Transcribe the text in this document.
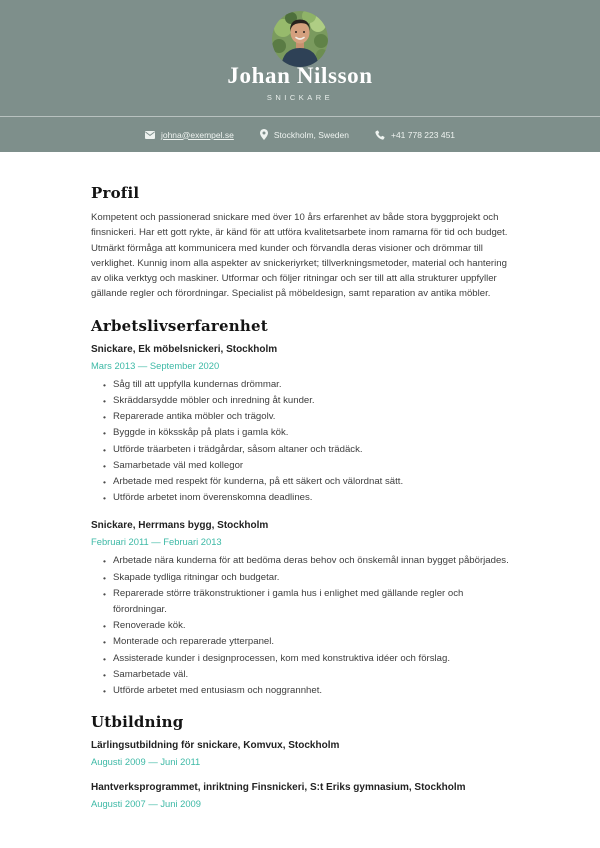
Johan Nilsson
SNICKARE
johna@exempel.se	Stockholm, Sweden	+41 778 223 451
Profil
Kompetent och passionerad snickare med över 10 års erfarenhet av både stora byggprojekt och finsnickeri. Har ett gott rykte, är känd för att utföra kvalitetsarbete inom ramarna för tid och budget. Utmärkt förmåga att kommunicera med kunder och förvandla deras visioner och drömmar till verklighet. Kunnig inom alla aspekter av snickeriyrket; tillverkningsmetoder, material och hantering av olika verktyg och maskiner. Utformar och följer ritningar och ser till att alla strukturer uppfyller gällande regler och förordningar. Specialist på möbeldesign, samt reparation av antika möbler.
Arbetslivserfarenhet
Snickare, Ek möbelsnickeri, Stockholm
Mars 2013 — September 2020
• Såg till att uppfylla kundernas drömmar.
• Skräddarsydde möbler och inredning åt kunder.
• Reparerade antika möbler och trägolv.
• Byggde in köksskåp på plats i gamla kök.
• Utförde träarbeten i trädgårdar, såsom altaner och trädäck.
• Samarbetade väl med kollegor
• Arbetade med respekt för kunderna, på ett säkert och välordnat sätt.
• Utförde arbetet inom överenskomna deadlines.
Snickare, Herrmans bygg, Stockholm
Februari 2011 — Februari 2013
• Arbetade nära kunderna för att bedöma deras behov och önskemål innan bygget påbörjades.
• Skapade tydliga ritningar och budgetar.
• Reparerade större träkonstruktioner i gamla hus i enlighet med gällande regler och förordningar.
• Renoverade kök.
• Monterade och reparerade ytterpanel.
• Assisterade kunder i designprocessen, kom med konstruktiva idéer och förslag.
• Samarbetade väl.
• Utförde arbetet med entusiasm och noggrannhet.
Utbildning
Lärlingsutbildning för snickare, Komvux, Stockholm
Augusti 2009 — Juni 2011
Hantverksprogrammet, inriktning Finsnickeri, S:t Eriks gymnasium, Stockholm
Augusti 2007 — Juni 2009
